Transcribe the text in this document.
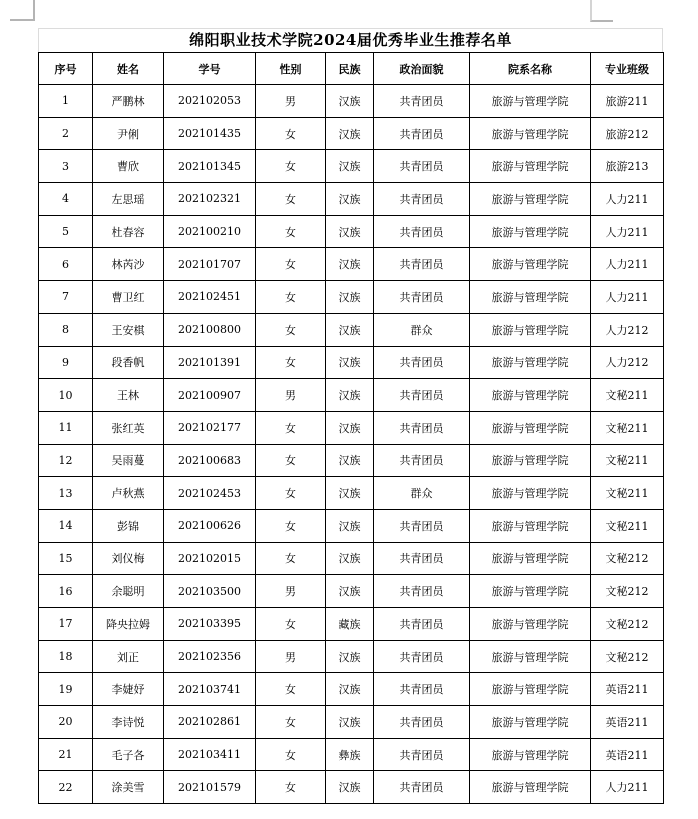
绵阳职业技术学院2024届优秀毕业生推荐名单
序号	姓名	学号	性别	民族	政治面貌	院系名称	专业班级
1	严鹏林	202102053	男	汉族	共青团员	旅游与管理学院	旅游211
2	尹俐	202101435	女	汉族	共青团员	旅游与管理学院	旅游212
3	曹欣	202101345	女	汉族	共青团员	旅游与管理学院	旅游213
4	左思瑶	202102321	女	汉族	共青团员	旅游与管理学院	人力211
5	杜春容	202100210	女	汉族	共青团员	旅游与管理学院	人力211
6	林芮沙	202101707	女	汉族	共青团员	旅游与管理学院	人力211
7	曹卫红	202102451	女	汉族	共青团员	旅游与管理学院	人力211
8	王安棋	202100800	女	汉族	群众	旅游与管理学院	人力212
9	段香帆	202101391	女	汉族	共青团员	旅游与管理学院	人力212
10	王林	202100907	男	汉族	共青团员	旅游与管理学院	文秘211
11	张红英	202102177	女	汉族	共青团员	旅游与管理学院	文秘211
12	吴雨蔓	202100683	女	汉族	共青团员	旅游与管理学院	文秘211
13	卢秋燕	202102453	女	汉族	群众	旅游与管理学院	文秘211
14	彭锦	202100626	女	汉族	共青团员	旅游与管理学院	文秘211
15	刘仪梅	202102015	女	汉族	共青团员	旅游与管理学院	文秘212
16	余聪明	202103500	男	汉族	共青团员	旅游与管理学院	文秘212
17	降央拉姆	202103395	女	藏族	共青团员	旅游与管理学院	文秘212
18	刘正	202102356	男	汉族	共青团员	旅游与管理学院	文秘212
19	李婕妤	202103741	女	汉族	共青团员	旅游与管理学院	英语211
20	李诗悦	202102861	女	汉族	共青团员	旅游与管理学院	英语211
21	毛子各	202103411	女	彝族	共青团员	旅游与管理学院	英语211
22	涂美雪	202101579	女	汉族	共青团员	旅游与管理学院	人力211
